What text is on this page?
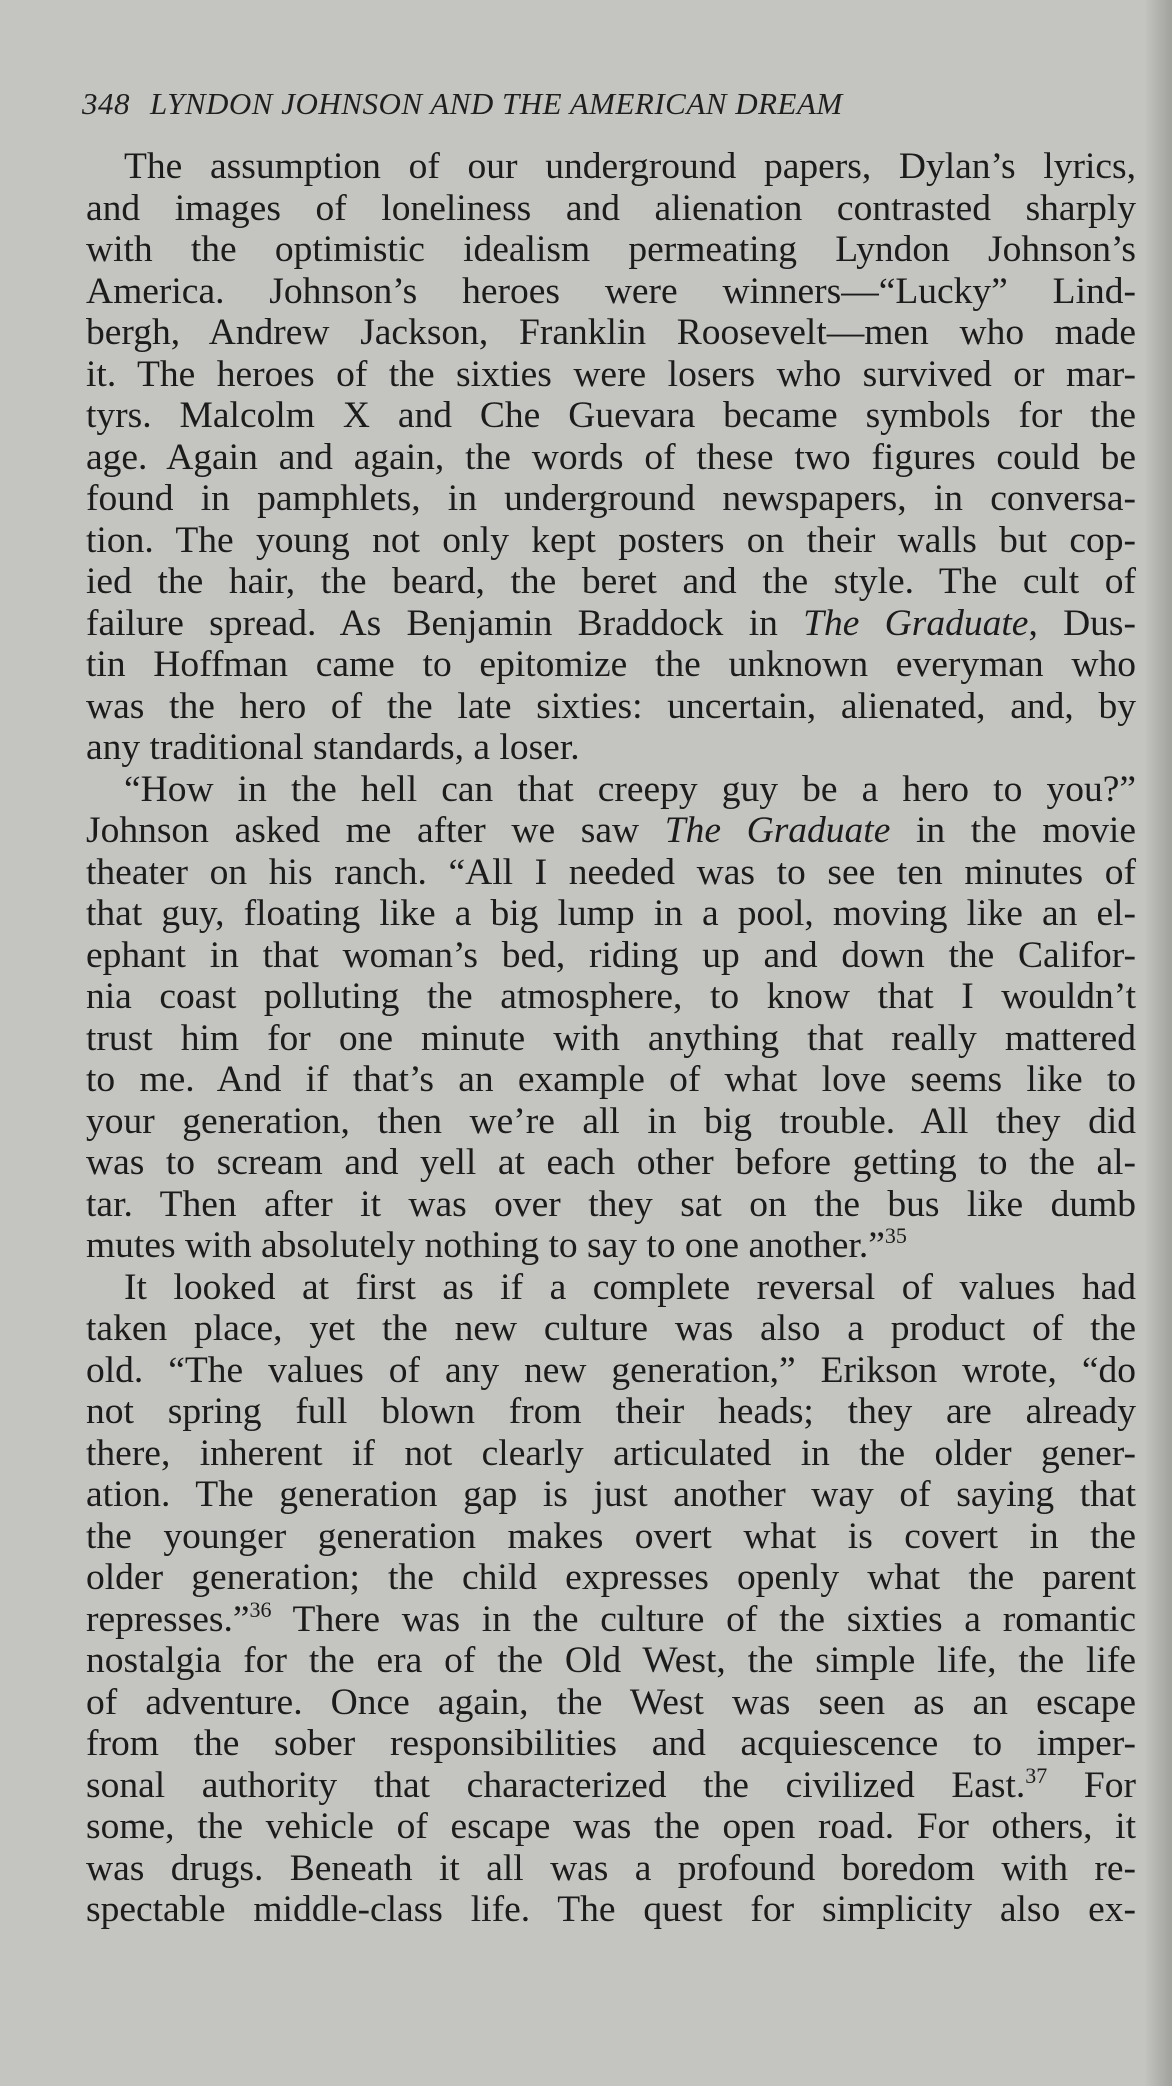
348 LYNDON JOHNSON AND THE AMERICAN DREAM
The assumption of our underground papers, Dylan’s lyrics,
and images of loneliness and alienation contrasted sharply
with the optimistic idealism permeating Lyndon Johnson’s
America. Johnson’s heroes were winners—“Lucky” Lind-
bergh, Andrew Jackson, Franklin Roosevelt—men who made
it. The heroes of the sixties were losers who survived or mar-
tyrs. Malcolm X and Che Guevara became symbols for the
age. Again and again, the words of these two figures could be
found in pamphlets, in underground newspapers, in conversa-
tion. The young not only kept posters on their walls but cop-
ied the hair, the beard, the beret and the style. The cult of
failure spread. As Benjamin Braddock in The Graduate, Dus-
tin Hoffman came to epitomize the unknown everyman who
was the hero of the late sixties: uncertain, alienated, and, by
any traditional standards, a loser.
“How in the hell can that creepy guy be a hero to you?”
Johnson asked me after we saw The Graduate in the movie
theater on his ranch. “All I needed was to see ten minutes of
that guy, floating like a big lump in a pool, moving like an el-
ephant in that woman’s bed, riding up and down the Califor-
nia coast polluting the atmosphere, to know that I wouldn’t
trust him for one minute with anything that really mattered
to me. And if that’s an example of what love seems like to
your generation, then we’re all in big trouble. All they did
was to scream and yell at each other before getting to the al-
tar. Then after it was over they sat on the bus like dumb
mutes with absolutely nothing to say to one another.”$^{35}$
It looked at first as if a complete reversal of values had
taken place, yet the new culture was also a product of the
old. “The values of any new generation,” Erikson wrote, “do
not spring full blown from their heads; they are already
there, inherent if not clearly articulated in the older gener-
ation. The generation gap is just another way of saying that
the younger generation makes overt what is covert in the
older generation; the child expresses openly what the parent
represses.”$^{36}$ There was in the culture of the sixties a romantic
nostalgia for the era of the Old West, the simple life, the life
of adventure. Once again, the West was seen as an escape
from the sober responsibilities and acquiescence to imper-
sonal authority that characterized the civilized East.$^{37}$ For
some, the vehicle of escape was the open road. For others, it
was drugs. Beneath it all was a profound boredom with re-
spectable middle-class life. The quest for simplicity also ex-
